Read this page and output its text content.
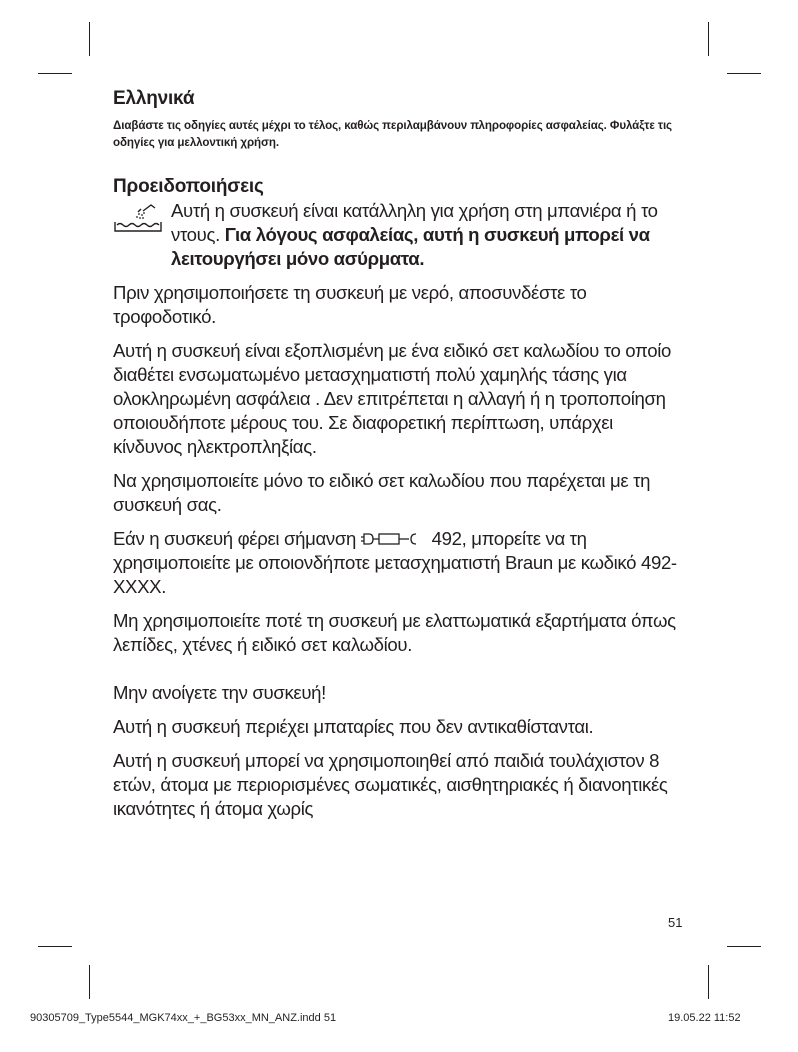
Ελληνικά

Διαβάστε τις οδηγίες αυτές μέχρι το τέλος, καθώς περιλαμβάνουν πληροφορίες ασφαλείας. Φυλάξτε τις οδηγίες για μελλοντική χρήση.

Προειδοποιήσεις

Αυτή η συσκευή είναι κατάλληλη για χρήση στη μπανιέρα ή το ντους. Για λόγους ασφαλείας, αυτή η συσκευή μπορεί να λειτουργήσει μόνο ασύρματα.

Πριν χρησιμοποιήσετε τη συσκευή με νερό, αποσυνδέστε το τροφοδοτικό.

Αυτή η συσκευή είναι εξοπλισμένη με ένα ειδικό σετ καλωδίου το οποίο διαθέτει ενσωματωμένο μετασχηματιστή πολύ χαμηλής τάσης για ολοκληρωμένη ασφάλεια . Δεν επιτρέπεται η αλλαγή ή η τροποποίηση οποιουδήποτε μέρους του. Σε διαφορετική περίπτωση, υπάρχει κίνδυνος ηλεκτροπληξίας.

Να χρησιμοποιείτε μόνο το ειδικό σετ καλωδίου που παρέχεται με τη συσκευή σας.

Εάν η συσκευή φέρει σήμανση	492, μπορείτε να τη χρησιμοποιείτε με οποιονδήποτε μετασχηματιστή Braun με κωδικό 492-XXXX.

Μη χρησιμοποιείτε ποτέ τη συσκευή με ελαττωματικά εξαρτήματα όπως λεπίδες, χτένες ή ειδικό σετ καλωδίου.

Μην ανοίγετε την συσκευή!

Αυτή η συσκευή περιέχει μπαταρίες που δεν αντικαθίστανται.

Αυτή η συσκευή μπορεί να χρησιμοποιηθεί από παιδιά τουλάχιστον 8 ετών, άτομα με περιορισμένες σωματικές, αισθητηριακές ή διανοητικές ικανότητες ή άτομα χωρίς

51
90305709_Type5544_MGK74xx_+_BG53xx_MN_ANZ.indd 51	19.05.22 11:52
